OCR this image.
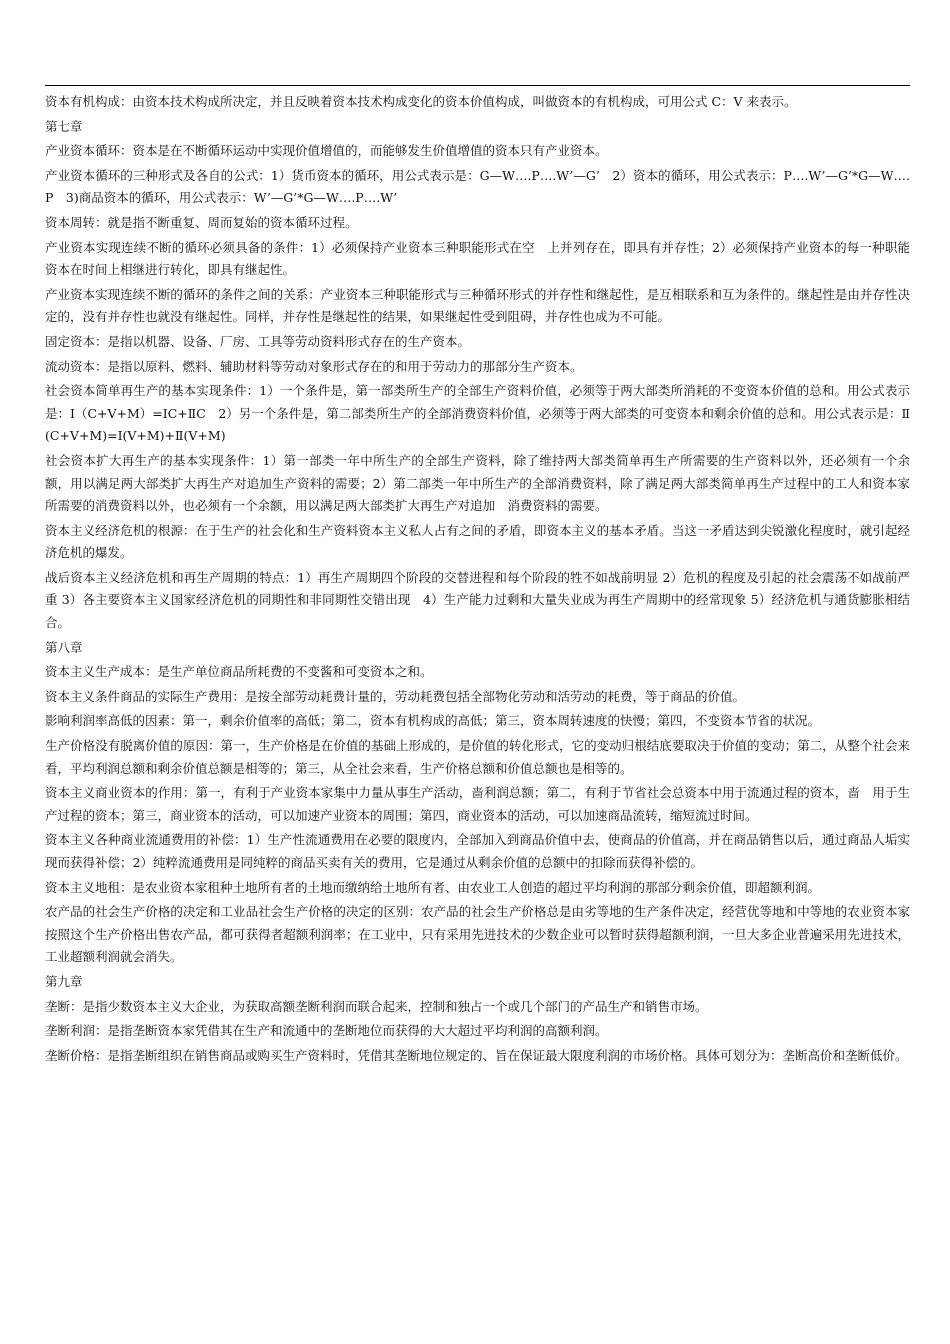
资本有机构成：由资本技术构成所决定，并且反映着资本技术构成变化的资本价值构成，叫做资本的有机构成，可用公式 C：V 来表示。

第七章

产业资本循环：资本是在不断循环运动中实现价值增值的，而能够发生价值增值的资本只有产业资本。

产业资本循环的三种形式及各自的公式：1）货币资本的循环，用公式表示是：G—W….P….W’—G’　2）资本的循环，用公式表示：P….W’—G’*G—W….P　3)商品资本的循环，用公式表示：W’—G’*G—W….P….W’

资本周转：就是指不断重复、周而复始的资本循环过程。

产业资本实现连续不断的循环必须具备的条件：1）必须保持产业资本三种职能形式在空　上并列存在，即具有并存性；2）必须保持产业资本的每一种职能资本在时间上相继进行转化，即具有继起性。

产业资本实现连续不断的循环的条件之间的关系：产业资本三种职能形式与三种循环形式的并存性和继起性，是互相联系和互为条件的。继起性是由并存性决定的，没有并存性也就没有继起性。同样，并存性是继起性的结果，如果继起性受到阻碍，并存性也成为不可能。

固定资本：是指以机器、设备、厂房、工具等劳动资料形式存在的生产资本。

流动资本：是指以原料、燃料、辅助材料等劳动对象形式存在的和用于劳动力的那部分生产资本。

社会资本简单再生产的基本实现条件：1）一个条件是，第一部类所生产的全部生产资料价值，必须等于两大部类所消耗的不变资本价值的总和。用公式表示是：Ⅰ（C+V+M）=ⅠC+ⅡC　2）另一个条件是，第二部类所生产的全部消费资料价值，必须等于两大部类的可变资本和剩余价值的总和。用公式表示是：Ⅱ(C+V+M)=Ⅰ(V+M)+Ⅱ(V+M)

社会资本扩大再生产的基本实现条件：1）第一部类一年中所生产的全部生产资料，除了维持两大部类简单再生产所需要的生产资料以外，还必须有一个余额，用以满足两大部类扩大再生产对追加生产资料的需要；2）第二部类一年中所生产的全部消费资料，除了满足两大部类简单再生产过程中的工人和资本家所需要的消费资料以外，也必须有一个余额，用以满足两大部类扩大再生产对追加　消费资料的需要。

资本主义经济危机的根源：在于生产的社会化和生产资料资本主义私人占有之间的矛盾，即资本主义的基本矛盾。当这一矛盾达到尖锐激化程度时，就引起经济危机的爆发。

战后资本主义经济危机和再生产周期的特点：1）再生产周期四个阶段的交替进程和每个阶段的牲不如战前明显 2）危机的程度及引起的社会震荡不如战前严重 3）各主要资本主义国家经济危机的同期性和非同期性交错出现　4）生产能力过剩和大量失业成为再生产周期中的经常现象 5）经济危机与通货膨胀相结合。

第八章

资本主义生产成本：是生产单位商品所耗费的不变酱和可变资本之和。

资本主义条件商品的实际生产费用：是按全部劳动耗费计量的，劳动耗费包括全部物化劳动和活劳动的耗费，等于商品的价值。

影响利润率高低的因素：第一，剩余价值率的高低；第二，资本有机构成的高低；第三，资本周转速度的快慢；第四，不变资本节省的状况。

生产价格没有脱离价值的原因：第一，生产价格是在价值的基础上形成的，是价值的转化形式，它的变动归根结底要取决于价值的变动；第二，从整个社会来看，平均利润总额和剩余价值总额是相等的；第三，从全社会来看，生产价格总额和价值总额也是相等的。

资本主义商业资本的作用：第一，有利于产业资本家集中力量从事生产活动，啬利润总额；第二，有利于节省社会总资本中用于流通过程的资本，啬　用于生产过程的资本；第三，商业资本的活动，可以加速产业资本的周围；第四，商业资本的活动，可以加速商品流转，缩短流过时间。

资本主义各种商业流通费用的补偿：1）生产性流通费用在必要的限度内，全部加入到商品价值中去，使商品的价值高，并在商品销售以后，通过商品人垢实现而获得补偿；2）纯粹流通费用是同纯粹的商品买卖有关的费用，它是通过从剩余价值的总额中的扣除而获得补偿的。

资本主义地租：是农业资本家租种土地所有者的土地而缴纳给土地所有者、由农业工人创造的超过平均利润的那部分剩余价值，即超额利润。

农产品的社会生产价格的决定和工业品社会生产价格的决定的区别：农产品的社会生产价格总是由劣等地的生产条件决定，经营优等地和中等地的农业资本家按照这个生产价格出售农产品，都可获得者超额利润率；在工业中，只有采用先进技术的少数企业可以暂时获得超额利润，一旦大多企业普遍采用先进技术，工业超额利润就会消失。

第九章

垄断：是指少数资本主义大企业，为获取高额垄断利润而联合起来，控制和独占一个或几个部门的产品生产和销售市场。

垄断利润：是指垄断资本家凭借其在生产和流通中的垄断地位而获得的大大超过平均利润的高额利润。

垄断价格：是指垄断组织在销售商品或购买生产资料时，凭借其垄断地位规定的、旨在保证最大限度利润的市场价格。具体可划分为：垄断高价和垄断低价。
